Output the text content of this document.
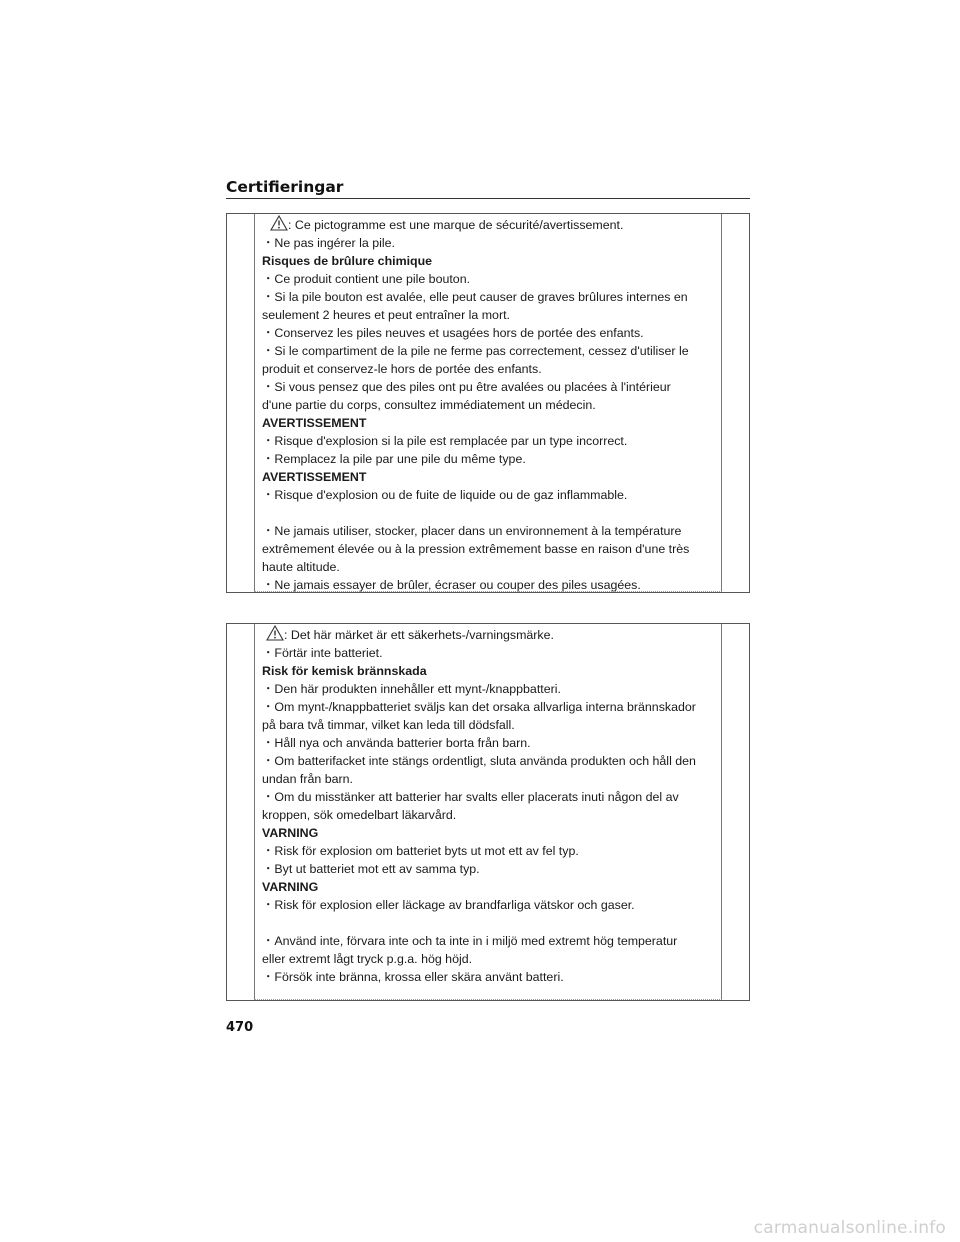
Certifieringar
: Ce pictogramme est une marque de sécurité/avertissement.
・Ne pas ingérer la pile.
Risques de brûlure chimique
・Ce produit contient une pile bouton.
・Si la pile bouton est avalée, elle peut causer de graves brûlures internes en
seulement 2 heures et peut entraîner la mort.
・Conservez les piles neuves et usagées hors de portée des enfants.
・Si le compartiment de la pile ne ferme pas correctement, cessez d'utiliser le
produit et conservez-le hors de portée des enfants.
・Si vous pensez que des piles ont pu être avalées ou placées à l'intérieur
d'une partie du corps, consultez immédiatement un médecin.
AVERTISSEMENT
・Risque d'explosion si la pile est remplacée par un type incorrect.
・Remplacez la pile par une pile du même type.
AVERTISSEMENT
・Risque d'explosion ou de fuite de liquide ou de gaz inflammable.
・Ne jamais utiliser, stocker, placer dans un environnement à la température
extrêmement élevée ou à la pression extrêmement basse en raison d'une très
haute altitude.
・Ne jamais essayer de brûler, écraser ou couper des piles usagées.
: Det här märket är ett säkerhets-/varningsmärke.
・Förtär inte batteriet.
Risk för kemisk brännskada
・Den här produkten innehåller ett mynt-/knappbatteri.
・Om mynt-/knappbatteriet sväljs kan det orsaka allvarliga interna brännskador
på bara två timmar, vilket kan leda till dödsfall.
・Håll nya och använda batterier borta från barn.
・Om batterifacket inte stängs ordentligt, sluta använda produkten och håll den
undan från barn.
・Om du misstänker att batterier har svalts eller placerats inuti någon del av
kroppen, sök omedelbart läkarvård.
VARNING
・Risk för explosion om batteriet byts ut mot ett av fel typ.
・Byt ut batteriet mot ett av samma typ.
VARNING
・Risk för explosion eller läckage av brandfarliga vätskor och gaser.
・Använd inte, förvara inte och ta inte in i miljö med extremt hög temperatur
eller extremt lågt tryck p.g.a. hög höjd.
・Försök inte bränna, krossa eller skära använt batteri.
470
carmanualsonline.info
